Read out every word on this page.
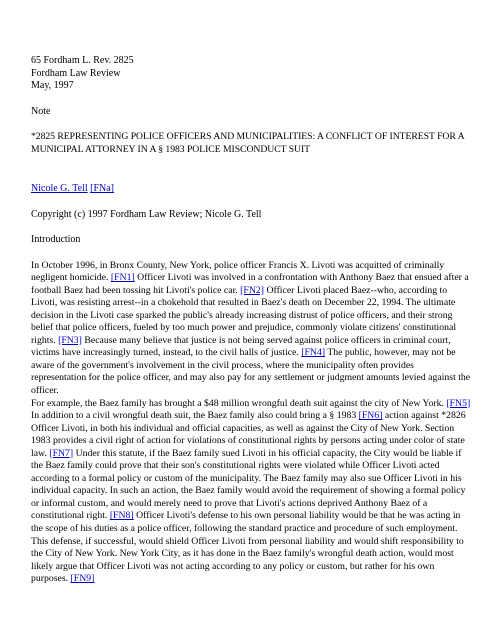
65 Fordham L. Rev. 2825
Fordham Law Review
May, 1997
Note
*2825 REPRESENTING POLICE OFFICERS AND MUNICIPALITIES: A CONFLICT OF INTEREST FOR A MUNICIPAL ATTORNEY IN A § 1983 POLICE MISCONDUCT SUIT
Nicole G. Tell [FNa]
Copyright (c) 1997 Fordham Law Review; Nicole G. Tell
Introduction

In October 1996, in Bronx County, New York, police officer Francis X. Livoti was acquitted of criminally negligent homicide. [FN1] Officer Livoti was involved in a confrontation with Anthony Baez that ensued after a football Baez had been tossing hit Livoti's police car. [FN2] Officer Livoti placed Baez--who, according to Livoti, was resisting arrest--in a chokehold that resulted in Baez's death on December 22, 1994. The ultimate decision in the Livoti case sparked the public's already increasing distrust of police officers, and their strong belief that police officers, fueled by too much power and prejudice, commonly violate citizens' constitutional rights. [FN3] Because many believe that justice is not being served against police officers in criminal court, victims have increasingly turned, instead, to the civil halls of justice. [FN4] The public, however, may not be aware of the government's involvement in the civil process, where the municipality often provides representation for the police officer, and may also pay for any settlement or judgment amounts levied against the officer.

For example, the Baez family has brought a $48 million wrongful death suit against the city of New York. [FN5] In addition to a civil wrongful death suit, the Baez family also could bring a § 1983 [FN6] action against *2826 Officer Livoti, in both his individual and official capacities, as well as against the City of New York. Section 1983 provides a civil right of action for violations of constitutional rights by persons acting under color of state law. [FN7] Under this statute, if the Baez family sued Livoti in his official capacity, the City would be liable if the Baez family could prove that their son's constitutional rights were violated while Officer Livoti acted according to a formal policy or custom of the municipality. The Baez family may also sue Officer Livoti in his individual capacity. In such an action, the Baez family would avoid the requirement of showing a formal policy or informal custom, and would merely need to prove that Livoti's actions deprived Anthony Baez of a constitutional right. [FN8] Officer Livoti's defense to his own personal liability would be that he was acting in the scope of his duties as a police officer, following the standard practice and procedure of such employment. This defense, if successful, would shield Officer Livoti from personal liability and would shift responsibility to the City of New York. New York City, as it has done in the Baez family's wrongful death action, would most likely argue that Officer Livoti was not acting according to any policy or custom, but rather for his own purposes. [FN9]
